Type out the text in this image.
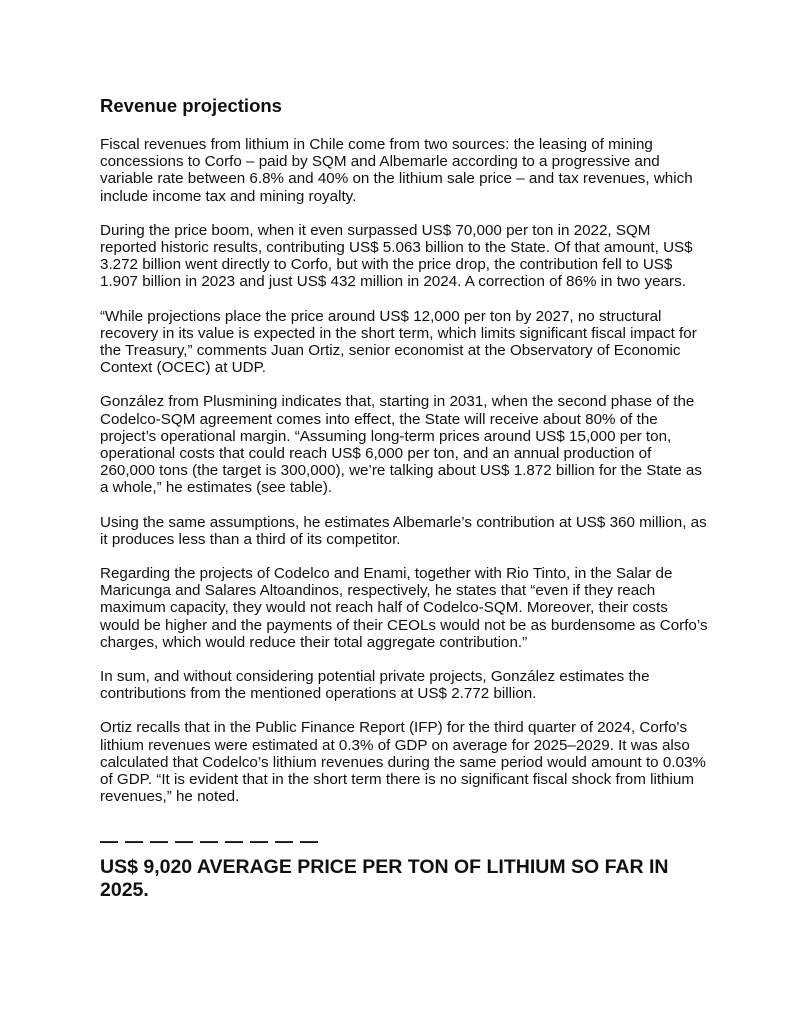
Revenue projections

Fiscal revenues from lithium in Chile come from two sources: the leasing of mining concessions to Corfo – paid by SQM and Albemarle according to a progressive and variable rate between 6.8% and 40% on the lithium sale price – and tax revenues, which include income tax and mining royalty.

During the price boom, when it even surpassed US$ 70,000 per ton in 2022, SQM reported historic results, contributing US$ 5.063 billion to the State. Of that amount, US$ 3.272 billion went directly to Corfo, but with the price drop, the contribution fell to US$ 1.907 billion in 2023 and just US$ 432 million in 2024. A correction of 86% in two years.

“While projections place the price around US$ 12,000 per ton by 2027, no structural recovery in its value is expected in the short term, which limits significant fiscal impact for the Treasury,” comments Juan Ortiz, senior economist at the Observatory of Economic Context (OCEC) at UDP.

González from Plusmining indicates that, starting in 2031, when the second phase of the Codelco-SQM agreement comes into effect, the State will receive about 80% of the project’s operational margin. “Assuming long-term prices around US$ 15,000 per ton, operational costs that could reach US$ 6,000 per ton, and an annual production of 260,000 tons (the target is 300,000), we’re talking about US$ 1.872 billion for the State as a whole,” he estimates (see table).

Using the same assumptions, he estimates Albemarle’s contribution at US$ 360 million, as it produces less than a third of its competitor.

Regarding the projects of Codelco and Enami, together with Rio Tinto, in the Salar de Maricunga and Salares Altoandinos, respectively, he states that “even if they reach maximum capacity, they would not reach half of Codelco-SQM. Moreover, their costs would be higher and the payments of their CEOLs would not be as burdensome as Corfo’s charges, which would reduce their total aggregate contribution.”

In sum, and without considering potential private projects, González estimates the contributions from the mentioned operations at US$ 2.772 billion.

Ortiz recalls that in the Public Finance Report (IFP) for the third quarter of 2024, Corfo's lithium revenues were estimated at 0.3% of GDP on average for 2025–2029. It was also calculated that Codelco’s lithium revenues during the same period would amount to 0.03% of GDP. “It is evident that in the short term there is no significant fiscal shock from lithium revenues,” he noted.

— — — — — — — — —
US$ 9,020 AVERAGE PRICE PER TON OF LITHIUM SO FAR IN 2025.
